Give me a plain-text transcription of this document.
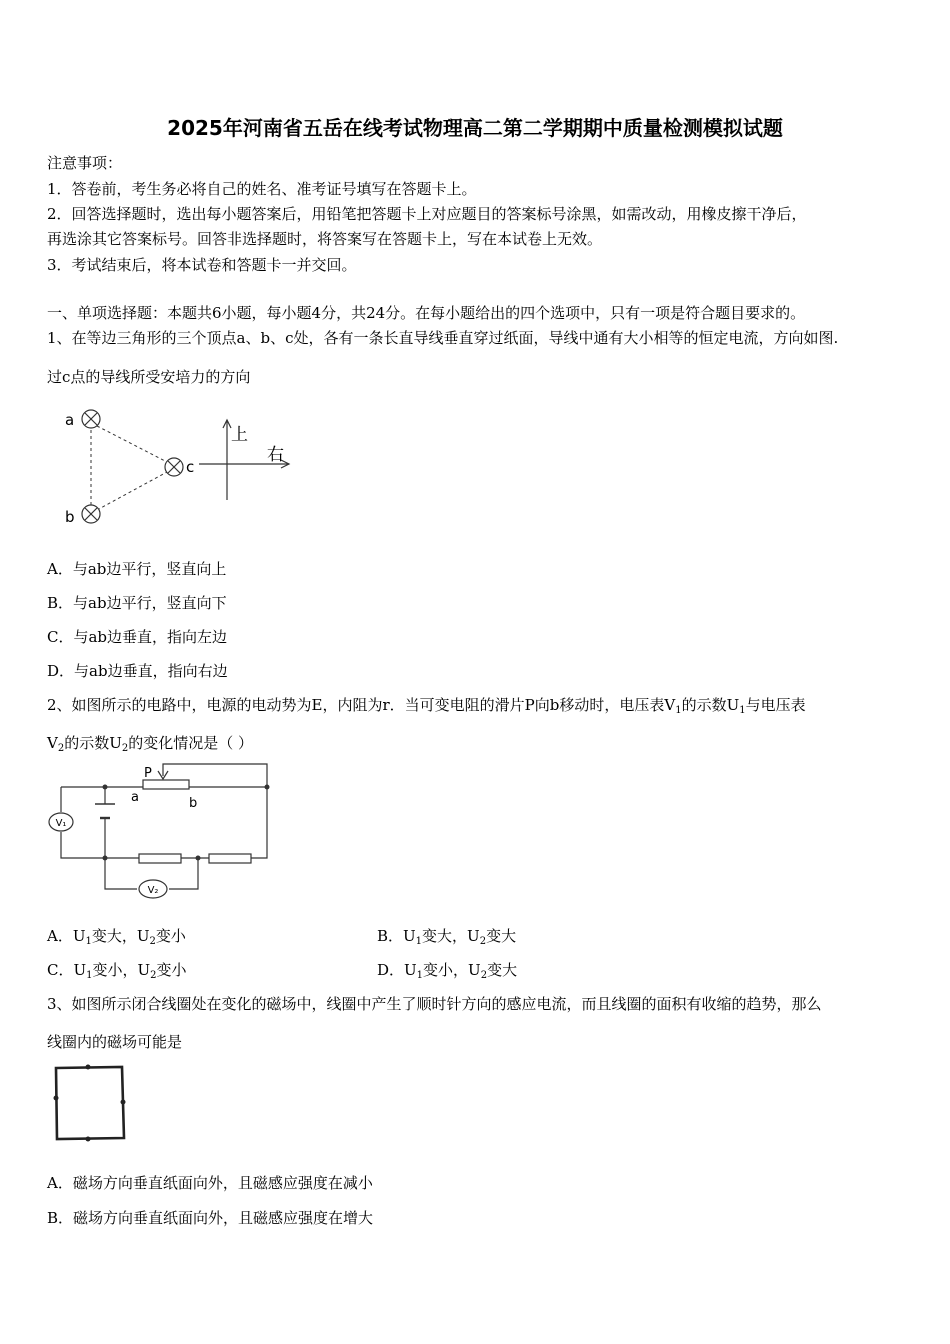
2025年河南省五岳在线考试物理高二第二学期期中质量检测模拟试题
注意事项：
1．答卷前，考生务必将自己的姓名、准考证号填写在答题卡上。
2．回答选择题时，选出每小题答案后，用铅笔把答题卡上对应题目的答案标号涂黑，如需改动，用橡皮擦干净后，
再选涂其它答案标号。回答非选择题时，将答案写在答题卡上，写在本试卷上无效。
3．考试结束后，将本试卷和答题卡一并交回。
一、单项选择题：本题共6小题，每小题4分，共24分。在每小题给出的四个选项中，只有一项是符合题目要求的。
1、在等边三角形的三个顶点a、b、c处，各有一条长直导线垂直穿过纸面，导线中通有大小相等的恒定电流，方向如图.
过c点的导线所受安培力的方向
a
b
c
上
右
A．与ab边平行，竖直向上
B．与ab边平行，竖直向下
C．与ab边垂直，指向左边
D．与ab边垂直，指向右边
2、如图所示的电路中，电源的电动势为E，内阻为r．当可变电阻的滑片P向b移动时，电压表$V_1$的示数$U_1$与电压表
$V_2$的示数$U_2$的变化情况是（ ）
V₁
V₂
P
a	b
A．$U_1$变大，$U_2$变小	B．$U_1$变大，$U_2$变大
C．$U_1$变小，$U_2$变小	D．$U_1$变小，$U_2$变大
3、如图所示闭合线圈处在变化的磁场中，线圈中产生了顺时针方向的感应电流，而且线圈的面积有收缩的趋势，那么
线圈内的磁场可能是
A．磁场方向垂直纸面向外，且磁感应强度在减小
B．磁场方向垂直纸面向外，且磁感应强度在增大
